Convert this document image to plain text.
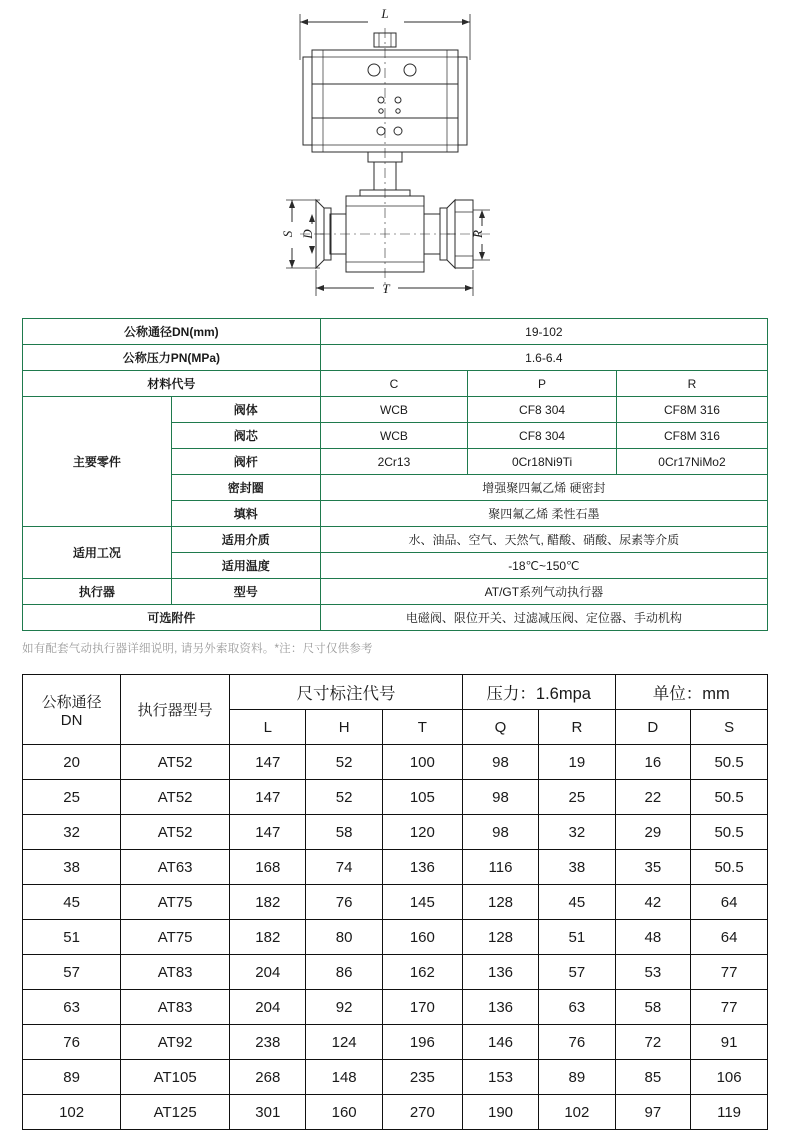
L
S D	R
T
公称通径DN(mm)		19-102		
公称压力PN(MPa)		1.6-6.4		
材料代号		C	P	R
主要零件	阀体	WCB	CF8 304	CF8M 316
	阀芯	WCB	CF8 304	CF8M 316
	阀杆	2Cr13	0Cr18Ni9Ti	0Cr17NiMo2
	密封圈	增强聚四氟乙烯 硬密封		
	填料	聚四氟乙烯 柔性石墨		
适用工况	适用介质	水、油品、空气、天然气, 醋酸、硝酸、尿素等介质		
	适用温度	-18℃~150℃		
执行器	型号	AT/GT系列气动执行器		
可选附件		电磁阀、限位开关、过滤减压阀、定位器、手动机构		
如有配套气动执行器详细说明, 请另外索取资料。*注：尺寸仅供参考
公称通径
DN	执行器型号	尺寸标注代号			压力：1.6mpa		单位：mm	
		L	H	T	Q	R	D	S
20	AT52	147	52	100	98	19	16	50.5
25	AT52	147	52	105	98	25	22	50.5
32	AT52	147	58	120	98	32	29	50.5
38	AT63	168	74	136	116	38	35	50.5
45	AT75	182	76	145	128	45	42	64
51	AT75	182	80	160	128	51	48	64
57	AT83	204	86	162	136	57	53	77
63	AT83	204	92	170	136	63	58	77
76	AT92	238	124	196	146	76	72	91
89	AT105	268	148	235	153	89	85	106
102	AT125	301	160	270	190	102	97	119
